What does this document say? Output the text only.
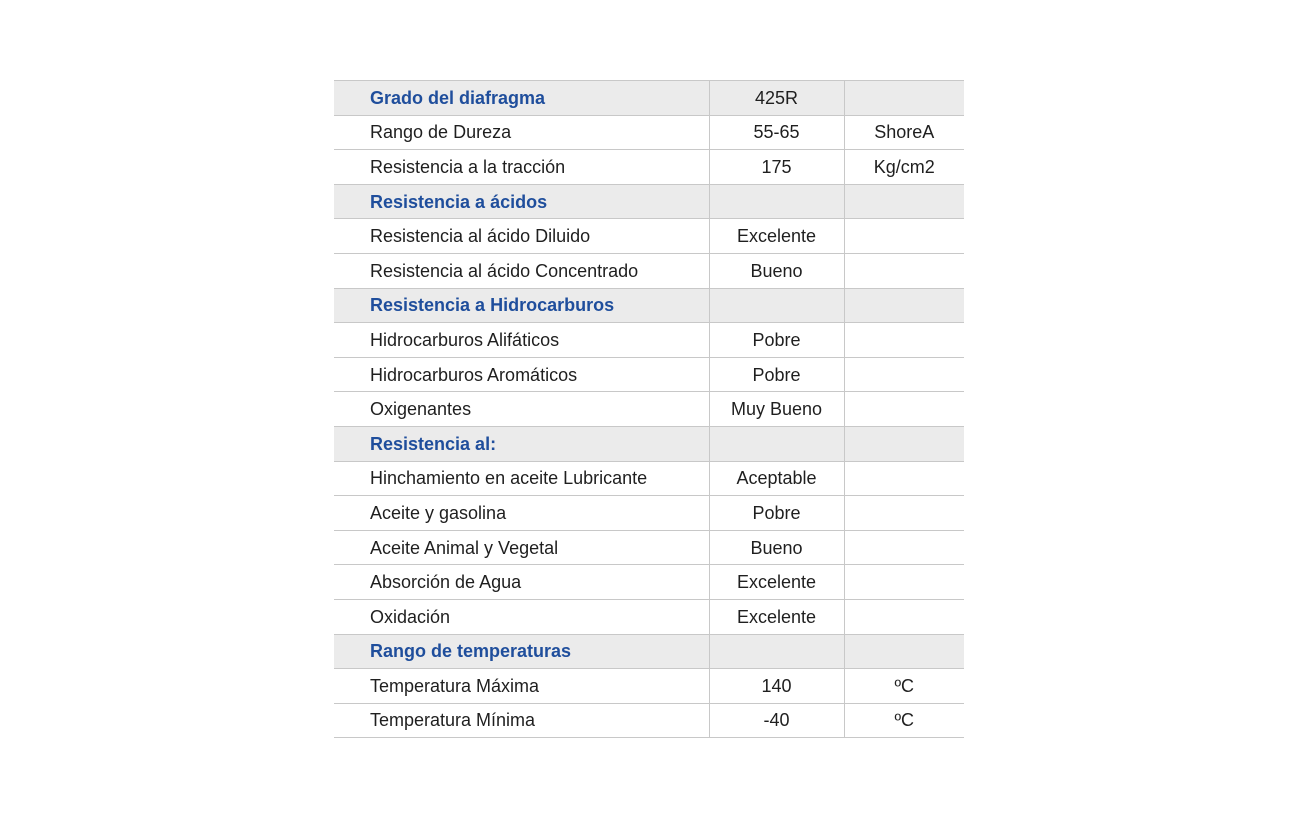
Grado del diafragma	425R	
Rango de Dureza	55-65	ShoreA
Resistencia a la tracción	175	Kg/cm2
Resistencia a ácidos		
Resistencia al ácido Diluido	Excelente	
Resistencia al ácido Concentrado	Bueno	
Resistencia a Hidrocarburos		
Hidrocarburos Alifáticos	Pobre	
Hidrocarburos Aromáticos	Pobre	
Oxigenantes	Muy Bueno	
Resistencia al:		
Hinchamiento en aceite Lubricante	Aceptable	
Aceite y gasolina	Pobre	
Aceite Animal y Vegetal	Bueno	
Absorción de Agua	Excelente	
Oxidación	Excelente	
Rango de temperaturas		
Temperatura Máxima	140	ºC
Temperatura Mínima	-40	ºC
